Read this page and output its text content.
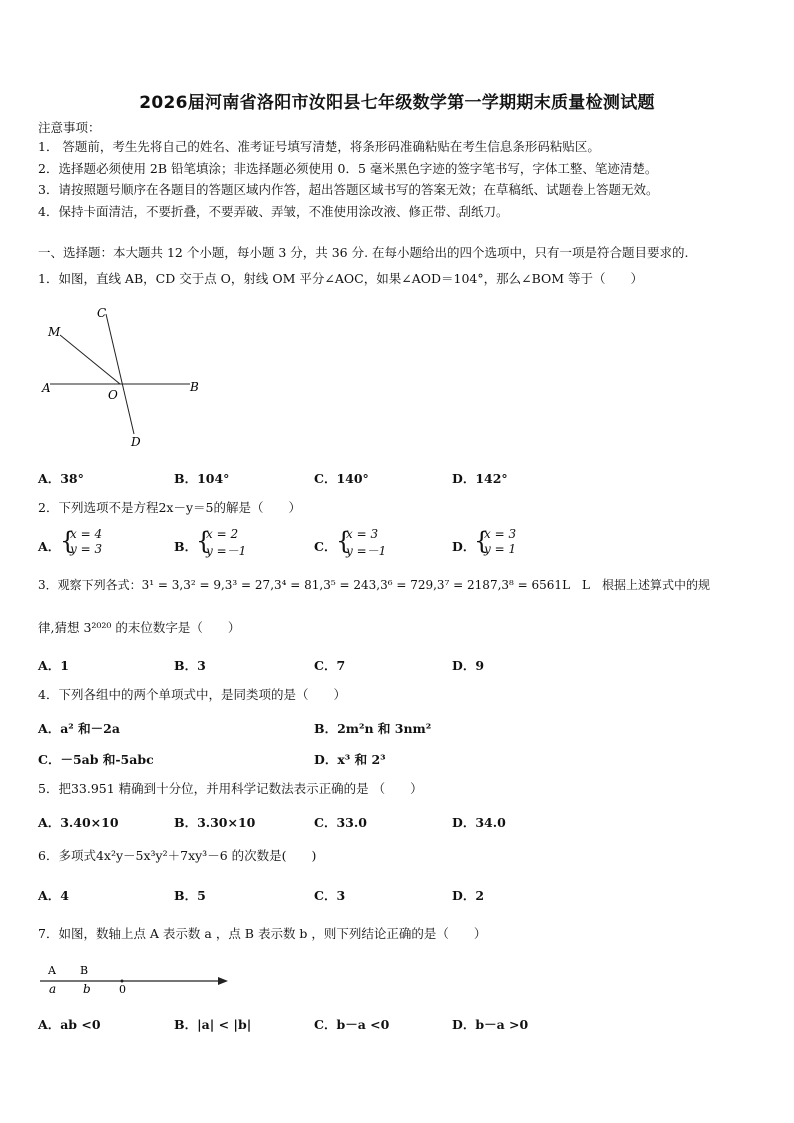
2026届河南省洛阳市汝阳县七年级数学第一学期期末质量检测试题
注意事项：
1． 答题前，考生先将自己的姓名、准考证号填写清楚，将条形码准确粘贴在考生信息条形码粘贴区。
2．选择题必须使用 2B 铅笔填涂；非选择题必须使用 0．5 毫米黑色字迹的签字笔书写，字体工整、笔迹清楚。
3．请按照题号顺序在各题目的答题区域内作答，超出答题区域书写的答案无效；在草稿纸、试题卷上答题无效。
4．保持卡面清洁，不要折叠，不要弄破、弄皱，不准使用涂改液、修正带、刮纸刀。
一、选择题：本大题共 12 个小题，每小题 3 分，共 36 分. 在每小题给出的四个选项中，只有一项是符合题目要求的.
1．如图，直线 AB，CD 交于点 O，射线 OM 平分∠AOC，如果∠AOD＝104°，那么∠BOM 等于（　　）
M
C
A	O
B
D
A．38°	B．104°	C．140°	D．142°
2．下列选项不是方程2x－y＝5的解是（　　）
A． {
x = 4
y = 3	B．
{
x = 2
y =－1	C． {
x = 3
y =－1	D．
{
x = 3
y = 1
3．观察下列各式：3¹ = 3,3² = 9,3³ = 27,3⁴ = 81,3⁵ = 243,3⁶ = 729,3⁷ = 2187,3⁸ = 6561L　L　根据上述算式中的规
律,猜想 3²⁰²⁰ 的末位数字是（　　）
A．1	B．3	C．7	D．9
4．下列各组中的两个单项式中，是同类项的是（　　）
A．a² 和－2a	B．2m²n 和 3nm²
C．－5ab 和-5abc	D．x³ 和 2³
5．把33.951 精确到十分位，并用科学记数法表示正确的是 （　　）
A．3.40×10	B．3.30×10	C．33.0	D．34.0
6．多项式4x²y－5x³y²＋7xy³－6 的次数是(　　)
A．4	B．5	C．3	D．2
7．如图，数轴上点 A 表示数 a ，点 B 表示数 b ，则下列结论正确的是（　　）
A B
a b	0
A．ab <0	B．|a| < |b|	C．b－a <0	D．b－a >0
